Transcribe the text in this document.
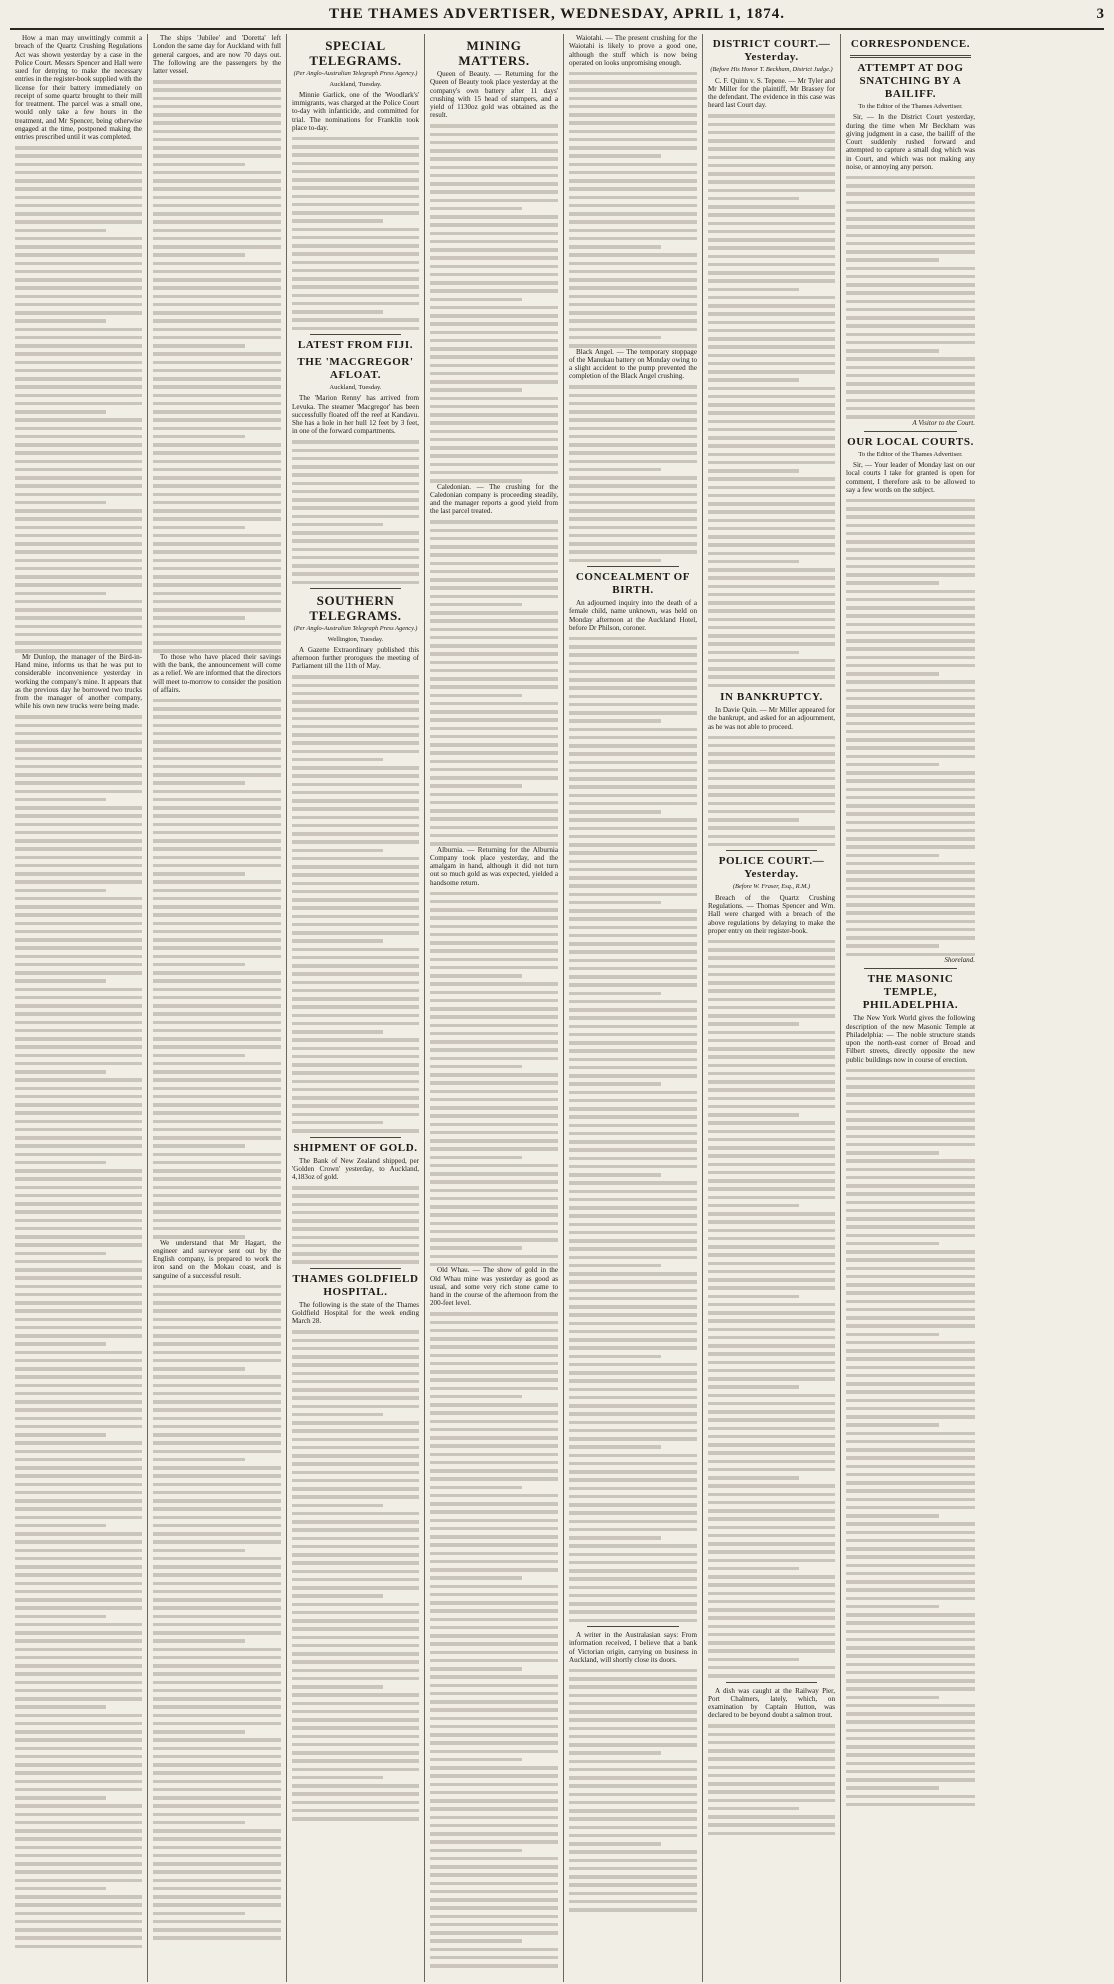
THE THAMES ADVERTISER, WEDNESDAY, APRIL 1, 1874.	3

How a man may unwittingly commit a breach of the Quartz Crushing Regulations Act was shown yesterday by a case in the Police Court. Messrs Spencer and Hall were sued for denying to make the necessary entries in the register-book supplied with the license for their battery immediately on receipt of some quartz brought to their mill for treatment. The parcel was a small one, would only take a few hours in the treatment, and Mr Spencer, being otherwise engaged at the time, postponed making the entries prescribed until it was completed.

Mr Dunlop, the manager of the Bird-in-Hand mine, informs us that he was put to considerable inconvenience yesterday in working the company's mine. It appears that as the previous day he borrowed two trucks from the manager of another company, while his own new trucks were being made.

The ships 'Jubilee' and 'Doretta' left London the same day for Auckland with full general cargoes, and are now 70 days out. The following are the passengers by the latter vessel.

To those who have placed their savings with the bank, the announcement will come as a relief. We are informed that the directors will meet to-morrow to consider the position of affairs.

We understand that Mr Hagart, the engineer and surveyor sent out by the English company, is prepared to work the iron sand on the Mokau coast, and is sanguine of a successful result.

SPECIAL TELEGRAMS.
(Per Anglo-Australian Telegraph Press Agency.)
Auckland, Tuesday.

Minnie Garlick, one of the 'Woodlark's' immigrants, was charged at the Police Court to-day with infanticide, and committed for trial. The nominations for Franklin took place to-day.

LATEST FROM FIJI.
THE 'MACGREGOR' AFLOAT.
Auckland, Tuesday.

The 'Marion Renny' has arrived from Levuka. The steamer 'Macgregor' has been successfully floated off the reef at Kandavu. She has a hole in her hull 12 feet by 3 feet, in one of the forward compartments.

SOUTHERN TELEGRAMS.
(Per Anglo-Australian Telegraph Press Agency.)
Wellington, Tuesday.

A Gazette Extraordinary published this afternoon further prorogues the meeting of Parliament till the 11th of May.

SHIPMENT OF GOLD.

The Bank of New Zealand shipped, per 'Golden Crown' yesterday, to Auckland, 4,183oz of gold.

THAMES GOLDFIELD HOSPITAL.

The following is the state of the Thames Goldfield Hospital for the week ending March 28.

MINING MATTERS.

Queen of Beauty. — Returning for the Queen of Beauty took place yesterday at the company's own battery after 11 days' crushing with 15 head of stampers, and a yield of 1130oz gold was obtained as the result.

Caledonian. — The crushing for the Caledonian company is proceeding steadily, and the manager reports a good yield from the last parcel treated.

Alburnia. — Returning for the Alburnia Company took place yesterday, and the amalgam in hand, although it did not turn out so much gold as was expected, yielded a handsome return.

Old Whau. — The show of gold in the Old Whau mine was yesterday as good as usual, and some very rich stone came to hand in the course of the afternoon from the 200-feet level.

Waiotahi. — The present crushing for the Waiotahi is likely to prove a good one, although the stuff which is now being operated on looks unpromising enough.

Black Angel. — The temporary stoppage of the Manukau battery on Monday owing to a slight accident to the pump prevented the completion of the Black Angel crushing.

CONCEALMENT OF BIRTH.

An adjourned inquiry into the death of a female child, name unknown, was held on Monday afternoon at the Auckland Hotel, before Dr Philson, coroner.

A writer in the Australasian says: From information received, I believe that a bank of Victorian origin, carrying on business in Auckland, will shortly close its doors.

DISTRICT COURT.—Yesterday.
(Before His Honor T. Beckham, District Judge.)

C. F. Quinn v. S. Tepene. — Mr Tyler and Mr Miller for the plaintiff, Mr Brassey for the defendant. The evidence in this case was heard last Court day.

IN BANKRUPTCY.

In Davie Quin. — Mr Miller appeared for the bankrupt, and asked for an adjournment, as he was not able to proceed.

POLICE COURT.—Yesterday.
(Before W. Fraser, Esq., R.M.)

Breach of the Quartz Crushing Regulations. — Thomas Spencer and Wm. Hall were charged with a breach of the above regulations by delaying to make the proper entry on their register-book.

A dish was caught at the Railway Pier, Port Chalmers, lately, which, on examination by Captain Hutton, was declared to be beyond doubt a salmon trout.

CORRESPONDENCE.
ATTEMPT AT DOG SNATCHING BY A BAILIFF.
To the Editor of the Thames Advertiser.

Sir, — In the District Court yesterday, during the time when Mr Beckham was giving judgment in a case, the bailiff of the Court suddenly rushed forward and attempted to capture a small dog which was in Court, and which was not making any noise, or annoying any person.

A Visitor to the Court.
OUR LOCAL COURTS.
To the Editor of the Thames Advertiser.

Sir, — Your leader of Monday last on our local courts I take for granted is open for comment, I therefore ask to be allowed to say a few words on the subject.

Shoreland.
THE MASONIC TEMPLE, PHILADELPHIA.

The New York World gives the following description of the new Masonic Temple at Philadelphia: — The noble structure stands upon the north-east corner of Broad and Filbert streets, directly opposite the new public buildings now in course of erection.
